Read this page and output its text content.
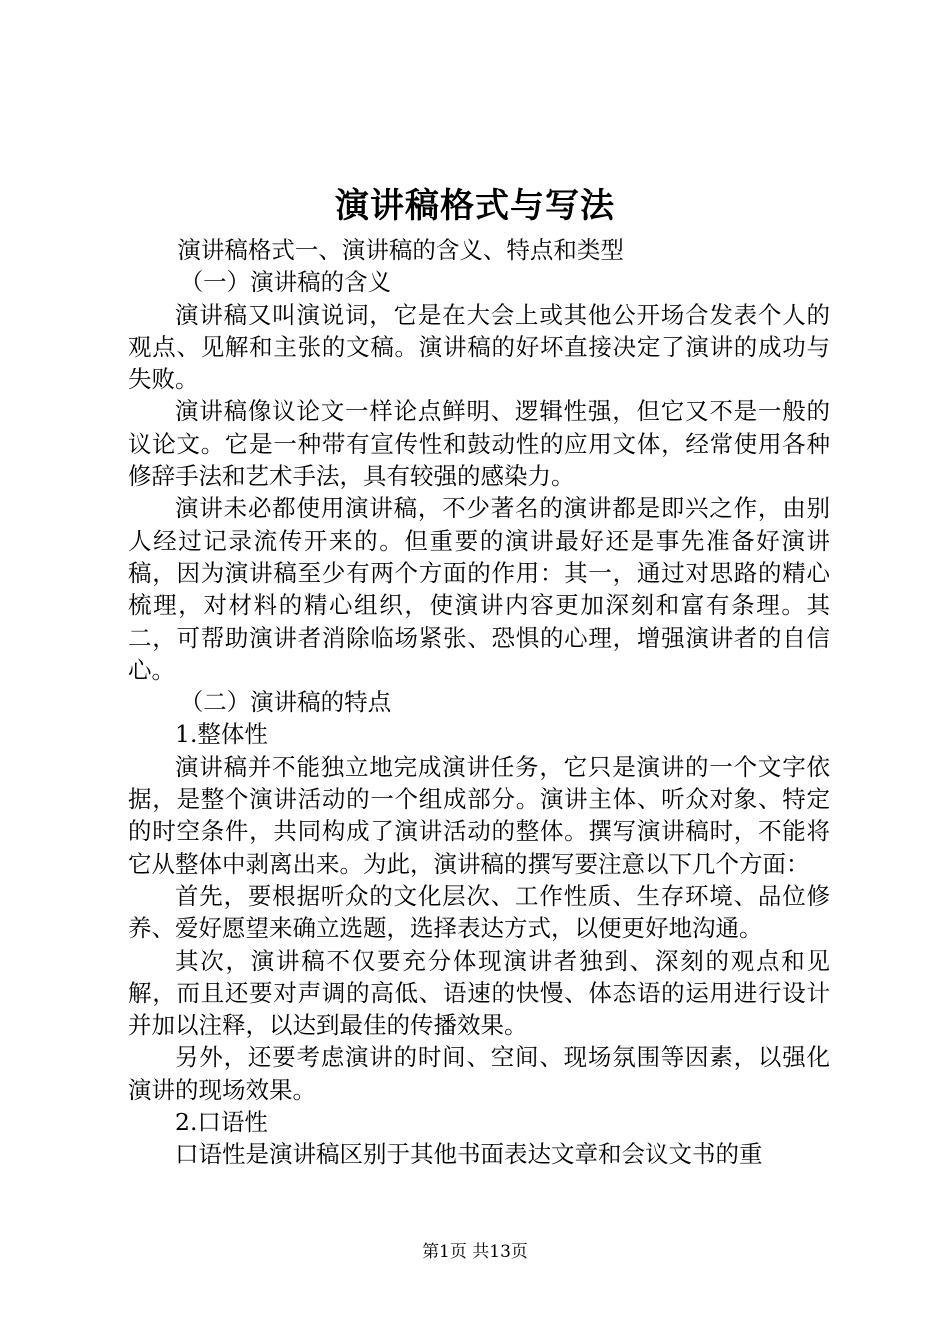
演讲稿格式与写法

演讲稿格式一、演讲稿的含义、特点和类型

（一）演讲稿的含义

演讲稿又叫演说词，它是在大会上或其他公开场合发表个人的观点、见解和主张的文稿。演讲稿的好坏直接决定了演讲的成功与失败。

演讲稿像议论文一样论点鲜明、逻辑性强，但它又不是一般的议论文。它是一种带有宣传性和鼓动性的应用文体，经常使用各种修辞手法和艺术手法，具有较强的感染力。

演讲未必都使用演讲稿，不少著名的演讲都是即兴之作，由别人经过记录流传开来的。但重要的演讲最好还是事先准备好演讲稿，因为演讲稿至少有两个方面的作用：其一，通过对思路的精心梳理，对材料的精心组织，使演讲内容更加深刻和富有条理。其二，可帮助演讲者消除临场紧张、恐惧的心理，增强演讲者的自信心。

（二）演讲稿的特点

1.整体性

演讲稿并不能独立地完成演讲任务，它只是演讲的一个文字依据，是整个演讲活动的一个组成部分。演讲主体、听众对象、特定的时空条件，共同构成了演讲活动的整体。撰写演讲稿时，不能将它从整体中剥离出来。为此，演讲稿的撰写要注意以下几个方面：

首先，要根据听众的文化层次、工作性质、生存环境、品位修养、爱好愿望来确立选题，选择表达方式，以便更好地沟通。

其次，演讲稿不仅要充分体现演讲者独到、深刻的观点和见解，而且还要对声调的高低、语速的快慢、体态语的运用进行设计并加以注释，以达到最佳的传播效果。

另外，还要考虑演讲的时间、空间、现场氛围等因素，以强化演讲的现场效果。

2.口语性

口语性是演讲稿区别于其他书面表达文章和会议文书的重

第1页 共13页
